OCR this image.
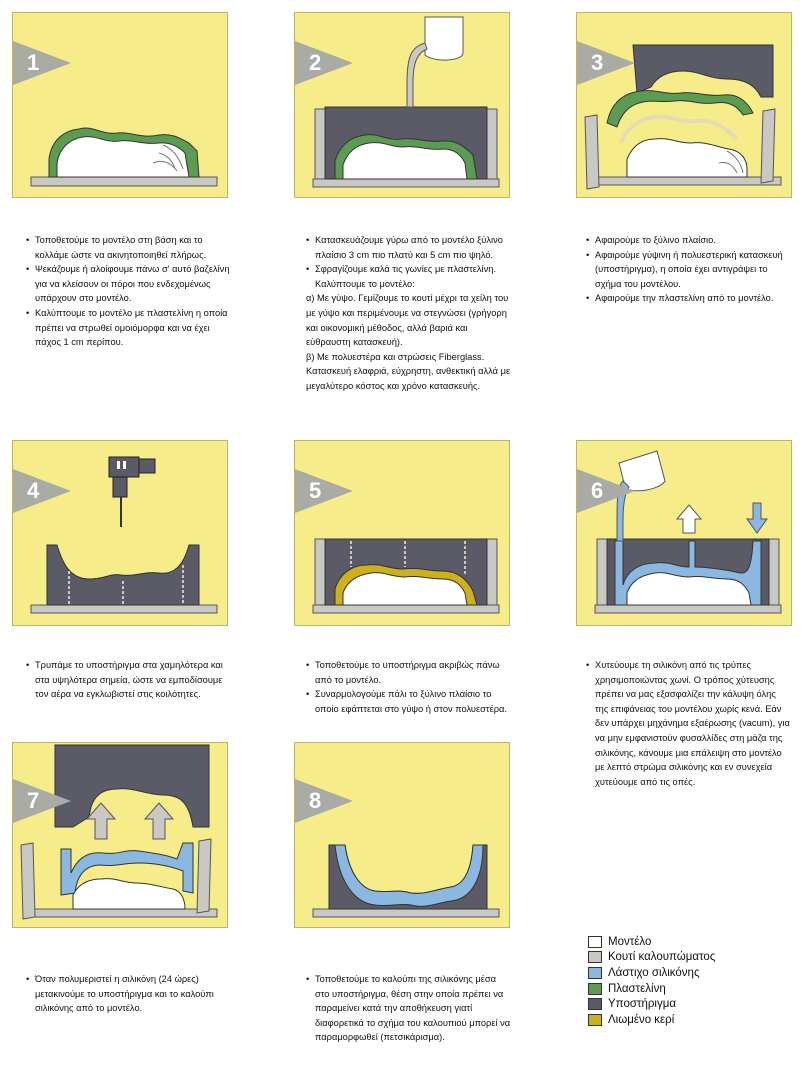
1	2	3
4	5	6
7	8
• Τοποθετούμε το μοντέλο στη βάση και το κολλάμε ώστε να ακινητοποιηθεί πλήρως.
• Ψεκάζουμε ή αλοίφουμε πάνω σ' αυτό βαζελίνη για να κλείσουν οι πόροι που ενδεχομένως υπάρχουν στο μοντέλο.
• Καλύπτουμε το μοντέλο με πλαστελίνη η οποία πρέπει να στρωθεί ομοιόμορφα και να έχει πάχος 1 cm περίπου.
• Κατασκευάζουμε γύρω από το μοντέλο ξύλινο πλαίσιο 3 cm πιο πλατύ και 5 cm πιο ψηλό.
• Σφραγίζουμε καλά τις γωνίες με πλαστελίνη. Καλύπτουμε το μοντέλο:
α) Με γύψο. Γεμίζουμε το κουτί μέχρι τα χείλη του με γύψο και περιμένουμε να στεγνώσει (γρήγορη και οικονομική μέθοδος, αλλά βαριά και εύθραυστη κατασκευή).
β) Με πολυεστέρα και στρώσεις Fiberglass. Κατασκευή ελαφριά, εύχρηστη, ανθεκτική αλλά με μεγαλύτερο κόστος και χρόνο κατασκευής.
• Αφαιρούμε το ξύλινο πλαίσιο.
• Αφαιρούμε γύψινη ή πολυεστερική κατασκευή (υποστήριγμα), η οποία έχει αντιγράψει το σχήμα του μοντέλου.
• Αφαιρούμε την πλαστελίνη από το μοντέλο.
• Τρυπάμε το υποστήριγμα στα χαμηλότερα και στα υψηλότερα σημεία, ώστε να εμποδίσουμε τον αέρα να εγκλωβιστεί στις κοιλότητες.
• Τοποθετούμε το υποστήριγμα ακριβώς πάνω από το μοντέλο.
• Συναρμολογούμε πάλι το ξύλινο πλαίσιο το οποίο εφάπτεται στο γύψο ή στον πολυεστέρα.
• Χυτεύουμε τη σιλικόνη από τις τρύπες χρησιμοποιώντας χωνί. Ο τρόπος χύτευσης πρέπει να μας εξασφαλίζει την κάλυψη όλης της επιφάνειας του μοντέλου χωρίς κενά. Εάν δεν υπάρχει μηχάνημα εξαέρωσης (vacum), για να μην εμφανιστούν φυσαλλίδες στη μάζα της σιλικόνης, κάνουμε μια επάλειψη στο μοντέλο με λεπτό στρώμα σιλικόνης και εν συνεχεία χυτεύουμε από τις οπές.
• Όταν πολυμεριστεί η σιλικόνη (24 ώρες) μετακινούμε το υποστήριγμα και το καλούπι σιλικόνης από το μοντέλο.
• Τοποθετούμε το καλούπι της σιλικόνης μέσα στο υποστήριγμα, θέση στην οποία πρέπει να παραμείνει κατά την αποθήκευση γιατί διαφορετικά το σχήμα του καλουπιού μπορεί να παραμορφωθεί (πετσικάρισμα).
Μοντέλο
Κουτί καλουπώματος
Λάστιχο σιλικόνης
Πλαστελίνη
Υποστήριγμα
Λιωμένο κερί
